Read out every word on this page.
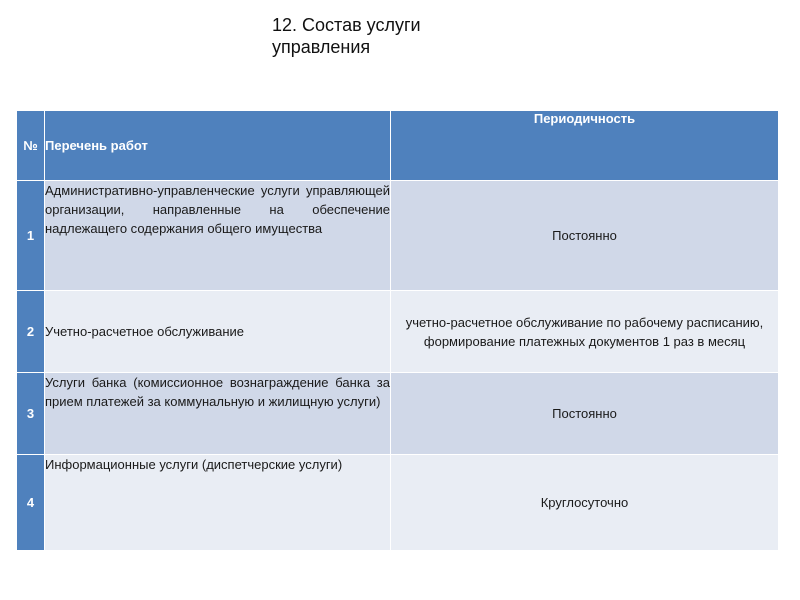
12. Состав услуги
управления
№	Перечень работ	Периодичность
1	Административно-управленческие услуги управляющей организации, направленные на обеспечение надлежащего содержания общего имущества	Постоянно
2	Учетно-расчетное обслуживание	учетно-расчетное обслуживание по рабочему расписанию, формирование платежных документов 1 раз в месяц
3	Услуги банка (комиссионное вознаграждение банка за прием платежей за коммунальную и жилищную услуги)	Постоянно
4	Информационные услуги (диспетчерские услуги)	Круглосуточно
